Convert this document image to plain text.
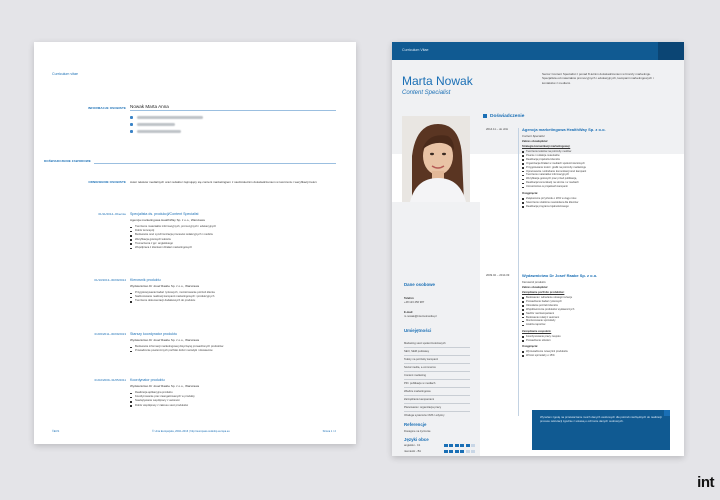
Curriculum vitae
INFORMACJE OSOBISTE Nowak Marta Anna
ODNIESIENIE OSOBISTE Autor tekstów medialnych oraz redaktor zajmujący się content marketingiem z siedmioletnim doświadczeniem w tworzeniu i weryfikacji treści.
DOŚWIADCZENIE ZAWODOWE
01/11/2014–Obecnie Specjalista ds. produkcji/Content Specialist
Agencja marketingowa HealthWay Sp. z o.o., Warszawa
Tworzenie materiałów informacyjnych, promocyjnych i edukacyjnych
Dobór koncepcji
Budowanie oraz synchronizacja procesów redakcyjnych i mediów
Weryfikacja gotowych tekstów
Tłumaczenia z jęz. angielskiego
Współpraca z klientami działań marketingowych
01/10/2013–30/09/2014 Kierownik produktu
Wydawnictwo Dr Josef Raabe Sp. z o.o., Warszawa
Przygotowywanie badań rynkowych, monitorowanie potrzeb klienta
Nadzorowanie realizacji kampanii marketingowych i produkcyjnych
Tworzenie dokumentacji dodatkowych do produktu
01/06/2011–30/09/2013 Starszy koordynator produktu
Wydawnictwo Dr Josef Raabe Sp. z o.o., Warszawa
Budowanie informacji marketingowej dotyczącej prowadzonych produktów
Prowadzenie powierzonych portfolio dobór metodyki i dostawców
01/02/2009–31/05/2011 Koordynator produktu
Wydawnictwo Dr Josef Raabe Sp. z o.o., Warszawa
Realizacja aplikacyjna produktu
Koordynowanie prac zaangażowanych w produkty
Nawiązywanie współpracy z autorami
Dobór współpracy z zakresu sieci produktów
©ECS	© Unia Europejska, 2002–2016 | http://europass.cedefop.europa.eu	Strona 1 / 2
Curriculum Vitae
Marta Nowak
Content Specialist
Senior Content Specialist z ponad 8-letnim doświadczeniem w branży marketingu. Specjalista od materiałów promocyjnych i edukacyjnych, kampanii marketingowych i kontaktów z mediami.
Dane osobowe
Telefon
+48 123 456 987
E-mail
m.nowak@internetmedia.pl
Umiejętności
Marketing sieci społecznościowych
SEO, SEM podstawy
Teksty na potrzeby kampanii
Social media, e-commerce
Content marketing
PR i publikacje w mediach
Wiedza marketingowa
Zarządzanie kampaniami
Planowanie i organizacja pracy
Obsługa systemów CMS / edytory
Referencje
Dostępne na życzenie
Języki obce
angielski - C1
niemiecki - B1
Doświadczenie
2014.11 – do dziś	Agencja marketingowa HealthWay Sp. z o.o.
Content Specialist
Zakres obowiązków:
Strategia komunikacji marketingowej:
Tworzenie tekstów na potrzeby mediów
Pisanie i redakcja materiałów
Realizacja projektów klientów
Organizacja działań w mediach społecznościowych
Przygotowanie treści i grafik na potrzeby marketingu
Opracowanie i wdrażanie komunikacji oraz kampanii
Tworzenie materiałów informacyjnych
Weryfikacja gotowych prac przed publikacją
Realizacja komunikacji na stronie i w mediach
Uczestnictwo w projektach kampanii
Osiągnięcia:
Zwiększenie przychodu o 20% w ciągu roku
Stworzenie szablonu newslettera dla klientów
Realizacja programu lojalnościowego
2009.02 – 2014.09	Wydawnictwo Dr Josef Raabe Sp. z o.o.
Kierownik produktu
Zakres obowiązków:
Zarządzanie portfolio produktów:
Budowanie i wdrażanie strategii rozwoju
Prowadzenie badań rynkowych
Określanie potrzeb klientów
Współtworzenie produktów wydawniczych
Nadzór nad kampaniami
Budowanie relacji z autorami
Monitorowanie sprzedaży
Analiza raportów
Zarządzanie zespołem:
Koordynowanie pracy zespołu
Prowadzenie szkoleń
Osiągnięcia:
Wprowadzenie nowej linii produktów
Wzrost sprzedaży o 15%

Wyrażam zgodę na przetwarzanie moich danych osobowych dla potrzeb niezbędnych do realizacji procesu rekrutacji zgodnie z ustawą o ochronie danych osobowych.

int
